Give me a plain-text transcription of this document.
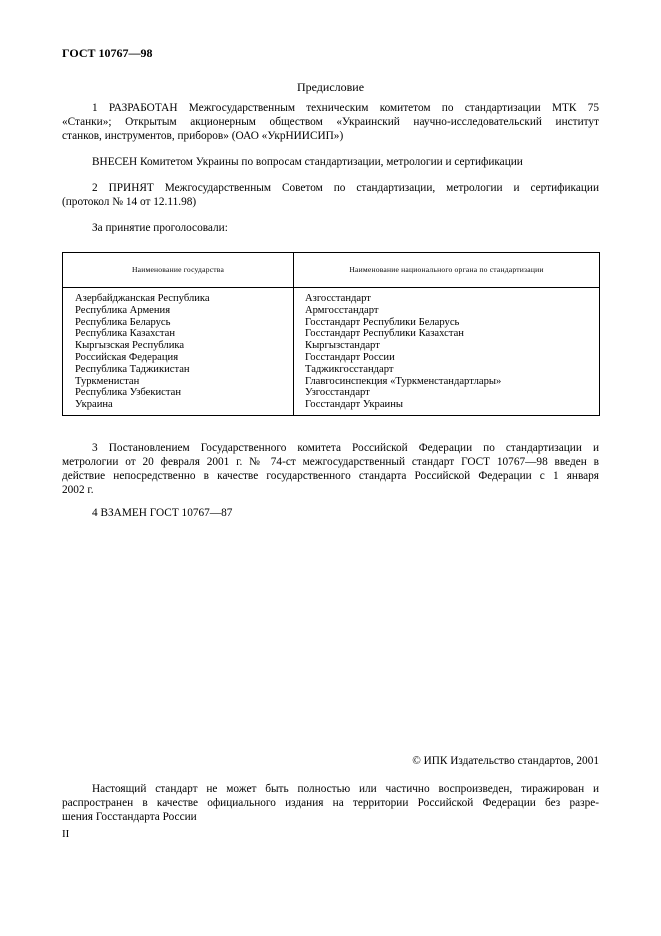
ГОСТ 10767—98
Предисловие
1 РАЗРАБОТАН Межгосударственным техническим комитетом по стандартизации МТК 75
«Станки»; Открытым акционерным обществом «Украинский научно-исследовательский институт
станков, инструментов, приборов» (ОАО «УкрНИИСИП»)
ВНЕСЕН Комитетом Украины по вопросам стандартизации, метрологии и сертификации
2 ПРИНЯТ Межгосударственным Советом по стандартизации, метрологии и сертификации
(протокол № 14 от 12.11.98)
За принятие проголосовали:
Наименование государства	Наименование национального органа по стандартизации
Азербайджанская Республика
Республика Армения
Республика Беларусь
Республика Казахстан
Кыргызская Республика
Российская Федерация
Республика Таджикистан
Туркменистан
Республика Узбекистан
Украина
Азгосстандарт
Армгосстандарт
Госстандарт Республики Беларусь
Госстандарт Республики Казахстан
Кыргызстандарт
Госстандарт России
Таджикгосстандарт
Главгосинспекция «Туркменстандартлары»
Узгосстандарт
Госстандарт Украины
3 Постановлением Государственного комитета Российской Федерации по стандартизации и
метрологии от 20 февраля 2001 г. № 74-ст межгосударственный стандарт ГОСТ 10767—98 введен в
действие непосредственно в качестве государственного стандарта Российской Федерации с 1 января
2002 г.
4 ВЗАМЕН ГОСТ 10767—87
© ИПК Издательство стандартов, 2001
Настоящий стандарт не может быть полностью или частично воспроизведен, тиражирован и
распространен в качестве официального издания на территории Российской Федерации без разре-
шения Госстандарта России
II
